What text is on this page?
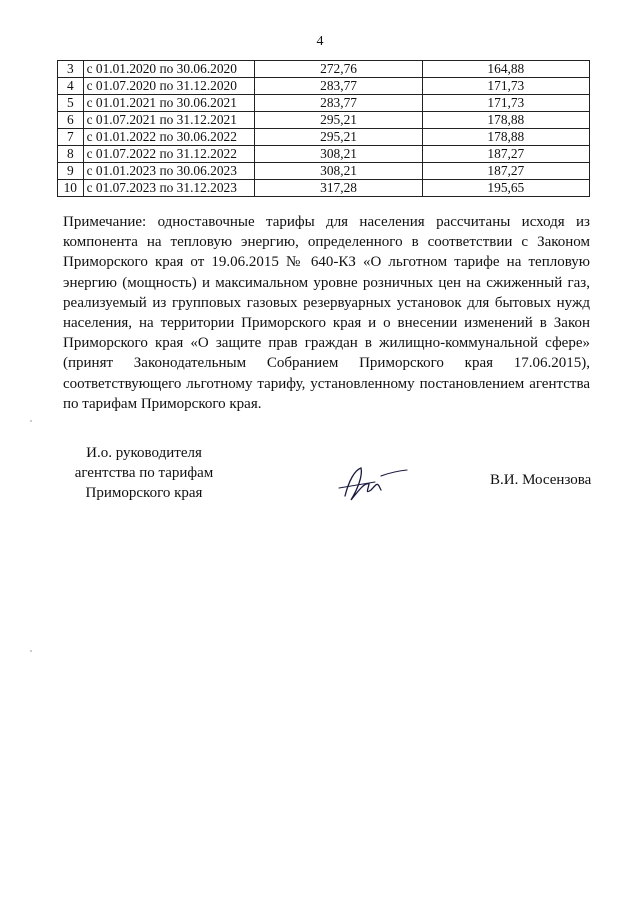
4
3	с 01.01.2020 по 30.06.2020	272,76	164,88
4	с 01.07.2020 по 31.12.2020	283,77	171,73
5	с 01.01.2021 по 30.06.2021	283,77	171,73
6	с 01.07.2021 по 31.12.2021	295,21	178,88
7	с 01.01.2022 по 30.06.2022	295,21	178,88
8	с 01.07.2022 по 31.12.2022	308,21	187,27
9	с 01.01.2023 по 30.06.2023	308,21	187,27
10	с 01.07.2023 по 31.12.2023	317,28	195,65

Примечание: одноставочные тарифы для населения рассчитаны исходя из компонента на тепловую энергию, определенного в соответствии с Законом Приморского края от 19.06.2015 № 640-КЗ «О льготном тарифе на тепловую энергию (мощность) и максимальном уровне розничных цен на сжиженный газ, реализуемый из групповых газовых резервуарных установок для бытовых нужд населения, на территории Приморского края и о внесении изменений в Закон Приморского края «О защите прав граждан в жилищно-коммунальной сфере» (принят Законодательным Собранием Приморского края 17.06.2015), соответствующего льготному тарифу, установленному постановлением агентства по тарифам Приморского края.

И.о. руководителя
агентства по тарифам
Приморского края
В.И. Мосензова
